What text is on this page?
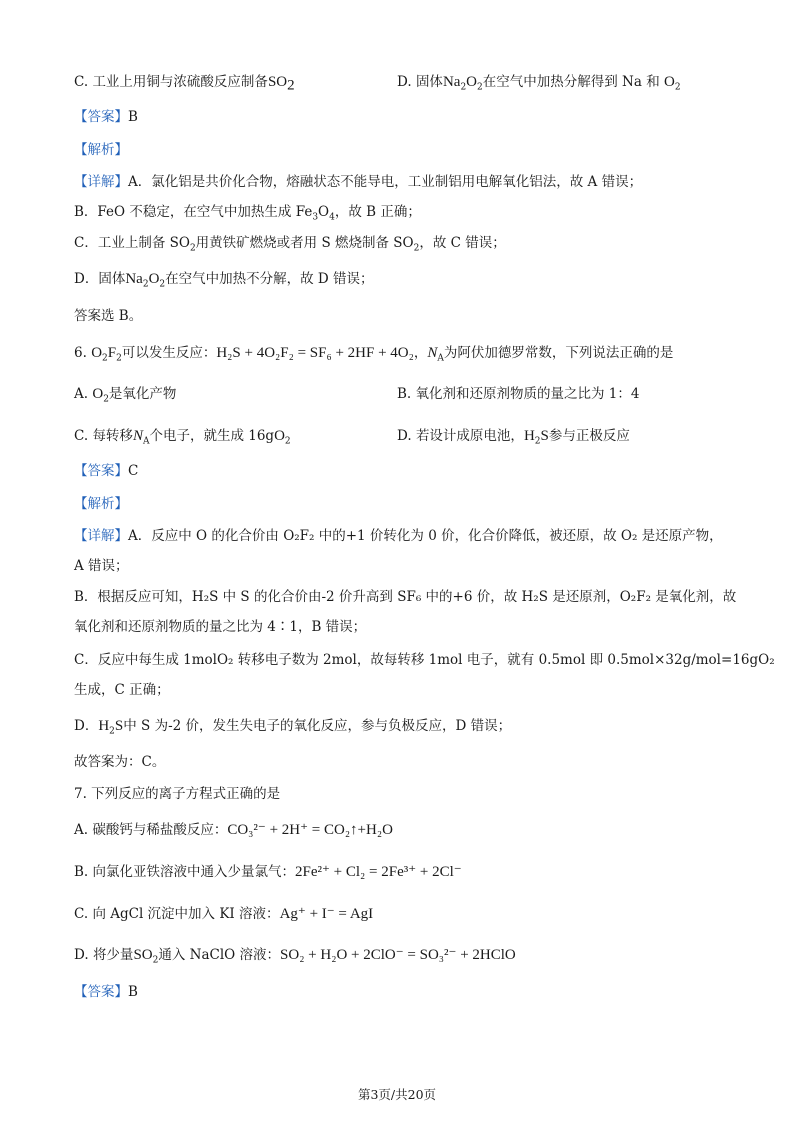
C. 工业上用铜与浓硫酸反应制备$SO_2$	D. 固体$Na_2O_2$在空气中加热分解得到 Na 和 $O_2$
【答案】B
【解析】
【详解】A．氯化铝是共价化合物，熔融状态不能导电，工业制铝用电解氧化铝法，故 A 错误；
B．FeO 不稳定，在空气中加热生成 $Fe_3O_4$，故 B 正确；
C．工业上制备 $SO_2$用黄铁矿燃烧或者用 S 燃烧制备 $SO_2$，故 C 错误；
D．固体$Na_2O_2$在空气中加热不分解，故 D 错误；
答案选 B。
6. $O_2F_2$可以发生反应：H₂S + 4O₂F₂ = SF₆ + 2HF + 4O₂，$N_A$为阿伏加德罗常数，下列说法正确的是
A. $O_2$是氧化产物	B. 氧化剂和还原剂物质的量之比为 1：4
C. 每转移$N_A$个电子，就生成 $16gO_2$	D. 若设计成原电池，$H_2S$参与正极反应
【答案】C
【解析】
【详解】A．反应中 O 的化合价由 O₂F₂ 中的+1 价转化为 0 价，化合价降低，被还原，故 O₂ 是还原产物，
A 错误；
B．根据反应可知，H₂S 中 S 的化合价由-2 价升高到 SF₆ 中的+6 价，故 H₂S 是还原剂，O₂F₂ 是氧化剂，故
氧化剂和还原剂物质的量之比为 4∶1，B 错误；
C．反应中每生成 1molO₂ 转移电子数为 2mol，故每转移 1mol 电子，就有 0.5mol 即 0.5mol×32g/mol=16gO₂
生成，C 正确；
D．$H_2S$中 S 为-2 价，发生失电子的氧化反应，参与负极反应，D 错误；
故答案为：C。
7. 下列反应的离子方程式正确的是
A. 碳酸钙与稀盐酸反应：CO₃²⁻ + 2H⁺ = CO₂↑+H₂O
B. 向氯化亚铁溶液中通入少量氯气：2Fe²⁺ + Cl₂ = 2Fe³⁺ + 2Cl⁻
C. 向 AgCl 沉淀中加入 KI 溶液：Ag⁺ + I⁻ = AgI
D. 将少量$SO_2$通入 NaClO 溶液：SO₂ + H₂O + 2ClO⁻ = SO₃²⁻ + 2HClO
【答案】B
第3页/共20页
